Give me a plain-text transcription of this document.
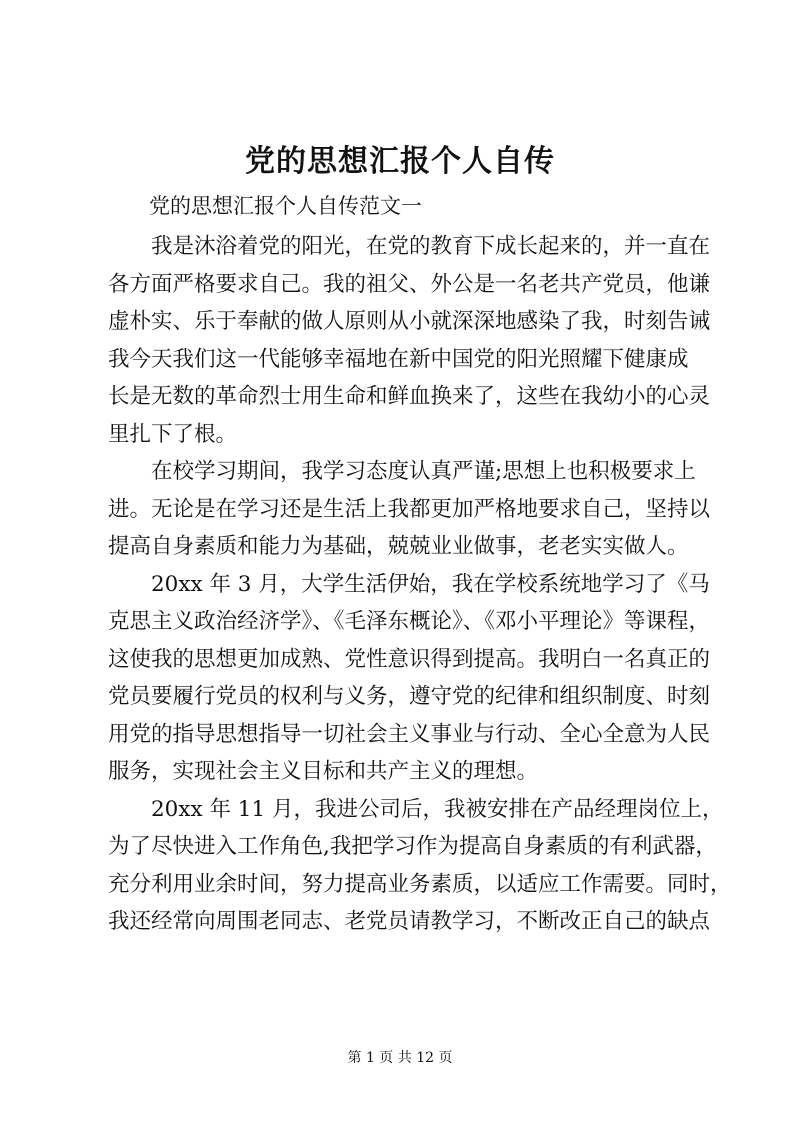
党的思想汇报个人自传
党的思想汇报个人自传范文一

我是沐浴着党的阳光，在党的教育下成长起来的，并一直在
各方面严格要求自己。我的祖父、外公是一名老共产党员，他谦
虚朴实、乐于奉献的做人原则从小就深深地感染了我，时刻告诫
我今天我们这一代能够幸福地在新中国党的阳光照耀下健康成
长是无数的革命烈士用生命和鲜血换来了，这些在我幼小的心灵
里扎下了根。

在校学习期间，我学习态度认真严谨;思想上也积极要求上
进。无论是在学习还是生活上我都更加严格地要求自己，坚持以
提高自身素质和能力为基础，兢兢业业做事，老老实实做人。

20xx 年 3 月，大学生活伊始，我在学校系统地学习了《马
克思主义政治经济学》、《毛泽东概论》、《邓小平理论》等课程，
这使我的思想更加成熟、党性意识得到提高。我明白一名真正的
党员要履行党员的权利与义务，遵守党的纪律和组织制度、时刻
用党的指导思想指导一切社会主义事业与行动、全心全意为人民
服务，实现社会主义目标和共产主义的理想。

20xx 年 11 月，我进公司后，我被安排在产品经理岗位上，
为了尽快进入工作角色,我把学习作为提高自身素质的有利武器，
充分利用业余时间，努力提高业务素质，以适应工作需要。同时，
我还经常向周围老同志、老党员请教学习，不断改正自己的缺点

第 1 页 共 12 页
